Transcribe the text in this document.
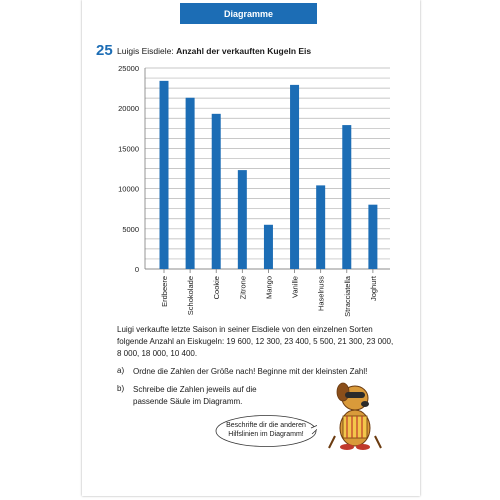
Diagramme
25 Luigis Eisdiele: Anzahl der verkauften Kugeln Eis
0
5000
10000
15000
20000
25000
Erdbeere Schokolade Cookie Zitrone Mango Vanille Haselnuss Stracciatella Joghurt
Luigi verkaufte letzte Saison in seiner Eisdiele von den einzelnen Sorten
folgende Anzahl an Eiskugeln: 19 600, 12 300, 23 400, 5 500, 21 300, 23 000,
8 000, 18 000, 10 400.
a) Ordne die Zahlen der Größe nach! Beginne mit der kleinsten Zahl!
b) Schreibe die Zahlen jeweils auf die
passende Säule im Diagramm.
Beschrifte dir die anderen
Hilfslinien im Diagramm!
